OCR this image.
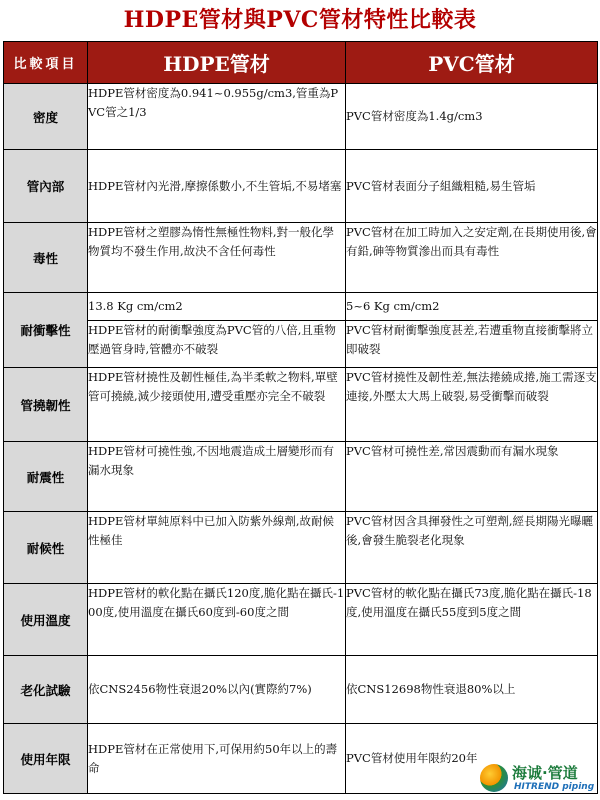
HDPE管材與PVC管材特性比較表
比較項目	HDPE管材	PVC管材
密度	HDPE管材密度為0.941~0.955g/cm3,管重為PVC管之1/3	PVC管材密度為1.4g/cm3
管內部	HDPE管材內光滑,摩擦係數小,不生管垢,不易堵塞	PVC管材表面分子組織粗糙,易生管垢
毒性	HDPE管材之塑膠為惰性無極性物料,對一般化學物質均不發生作用,故決不含任何毒性	PVC管材在加工時加入之安定劑,在長期使用後,會有鉛,砷等物質滲出而具有毒性
耐衝擊性	13.8 Kg cm/cm2	5~6 Kg cm/cm2
	HDPE管材的耐衝擊強度為PVC管的八倍,且重物壓過管身時,管體亦不破裂	PVC管材耐衝擊強度甚差,若遭重物直接衝擊將立即破裂
管撓韌性	HDPE管材撓性及韌性極佳,為半柔軟之物料,單壁管可撓繞,減少接頭使用,遭受重壓亦完全不破裂	PVC管材撓性及韌性差,無法捲繞成捲,施工需逐支連接,外壓太大馬上破裂,易受衝擊而破裂
耐震性	HDPE管材可撓性強,不因地震造成土層變形而有漏水現象	PVC管材可撓性差,常因震動而有漏水現象
耐候性	HDPE管材單純原料中已加入防紫外線劑,故耐候性極佳	PVC管材因含具揮發性之可塑劑,經長期陽光曝曬後,會發生脆裂老化現象
使用溫度	HDPE管材的軟化點在攝氏120度,脆化點在攝氏-100度,使用溫度在攝氏60度到-60度之間	PVC管材的軟化點在攝氏73度,脆化點在攝氏-18度,使用溫度在攝氏55度到5度之間
老化試驗	依CNS2456物性衰退20%以內(實際約7%)	依CNS12698物性衰退80%以上
使用年限	HDPE管材在正常使用下,可保用約50年以上的壽命	PVC管材使用年限約20年
海诚·管道
HITREND piping
